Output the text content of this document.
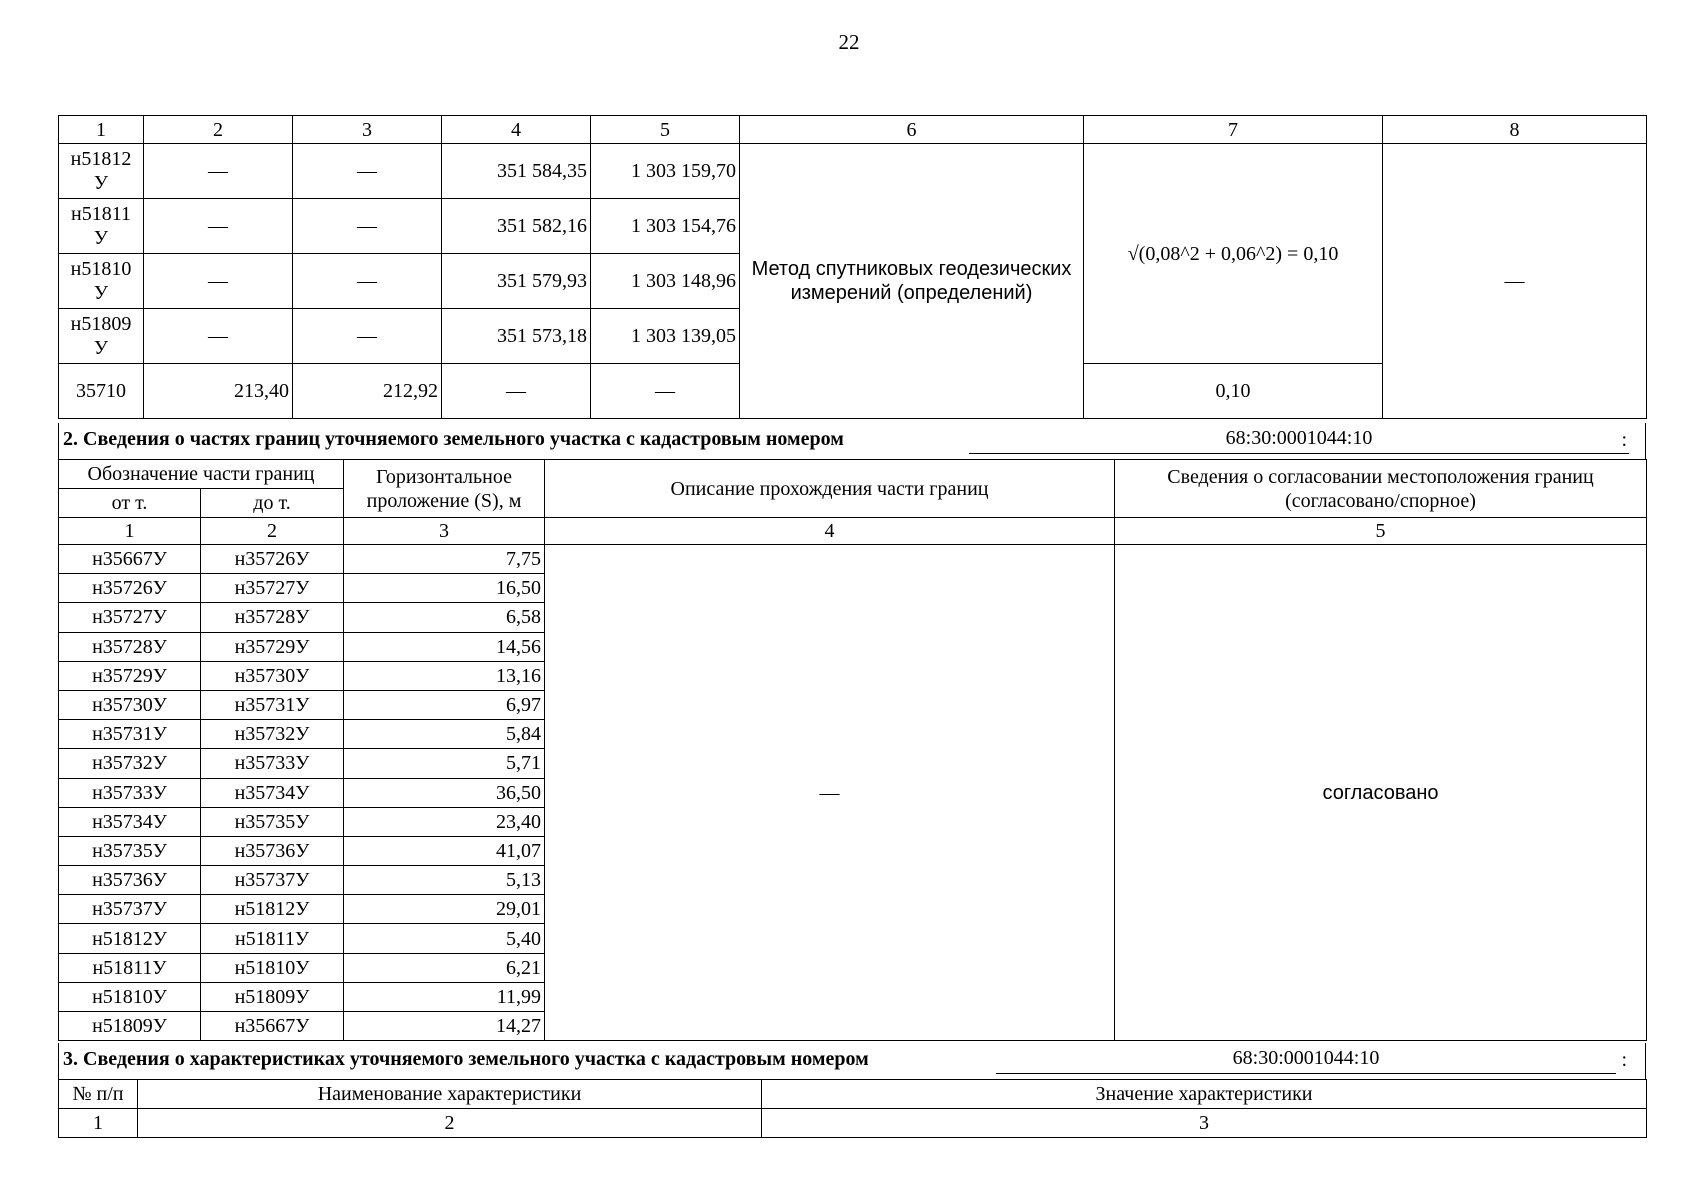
22
1	2	3	4	5	6	7	8
н51812
У	—	—	351 584,35	1 303 159,70	Метод спутниковых геодезических измерений (определений)	√(0,08^2 + 0,06^2) = 0,10	—
н51811
У	—	—	351 582,16	1 303 154,76			
н51810
У	—	—	351 579,93	1 303 148,96			
н51809
У	—	—	351 573,18	1 303 139,05			
35710	213,40	212,92	—	—		0,10	
2. Сведения о частях границ уточняемого земельного участка с кадастровым номером	68:30:0001044:10	:
Обозначение части границ		Горизонтальное проложение (S), м	Описание прохождения части границ	Сведения о согласовании местоположения границ (согласовано/спорное)
от т.	до т.			
1	2	3	4	5
н35667У	н35726У	7,75	—	согласовано
н35726У	н35727У	16,50		
н35727У	н35728У	6,58		
н35728У	н35729У	14,56		
н35729У	н35730У	13,16		
н35730У	н35731У	6,97		
н35731У	н35732У	5,84		
н35732У	н35733У	5,71		
н35733У	н35734У	36,50		
н35734У	н35735У	23,40		
н35735У	н35736У	41,07		
н35736У	н35737У	5,13		
н35737У	н51812У	29,01		
н51812У	н51811У	5,40		
н51811У	н51810У	6,21		
н51810У	н51809У	11,99		
н51809У	н35667У	14,27		
3. Сведения о характеристиках уточняемого земельного участка с кадастровым номером	68:30:0001044:10	:
№ п/п	Наименование характеристики	Значение характеристики
1	2	3
